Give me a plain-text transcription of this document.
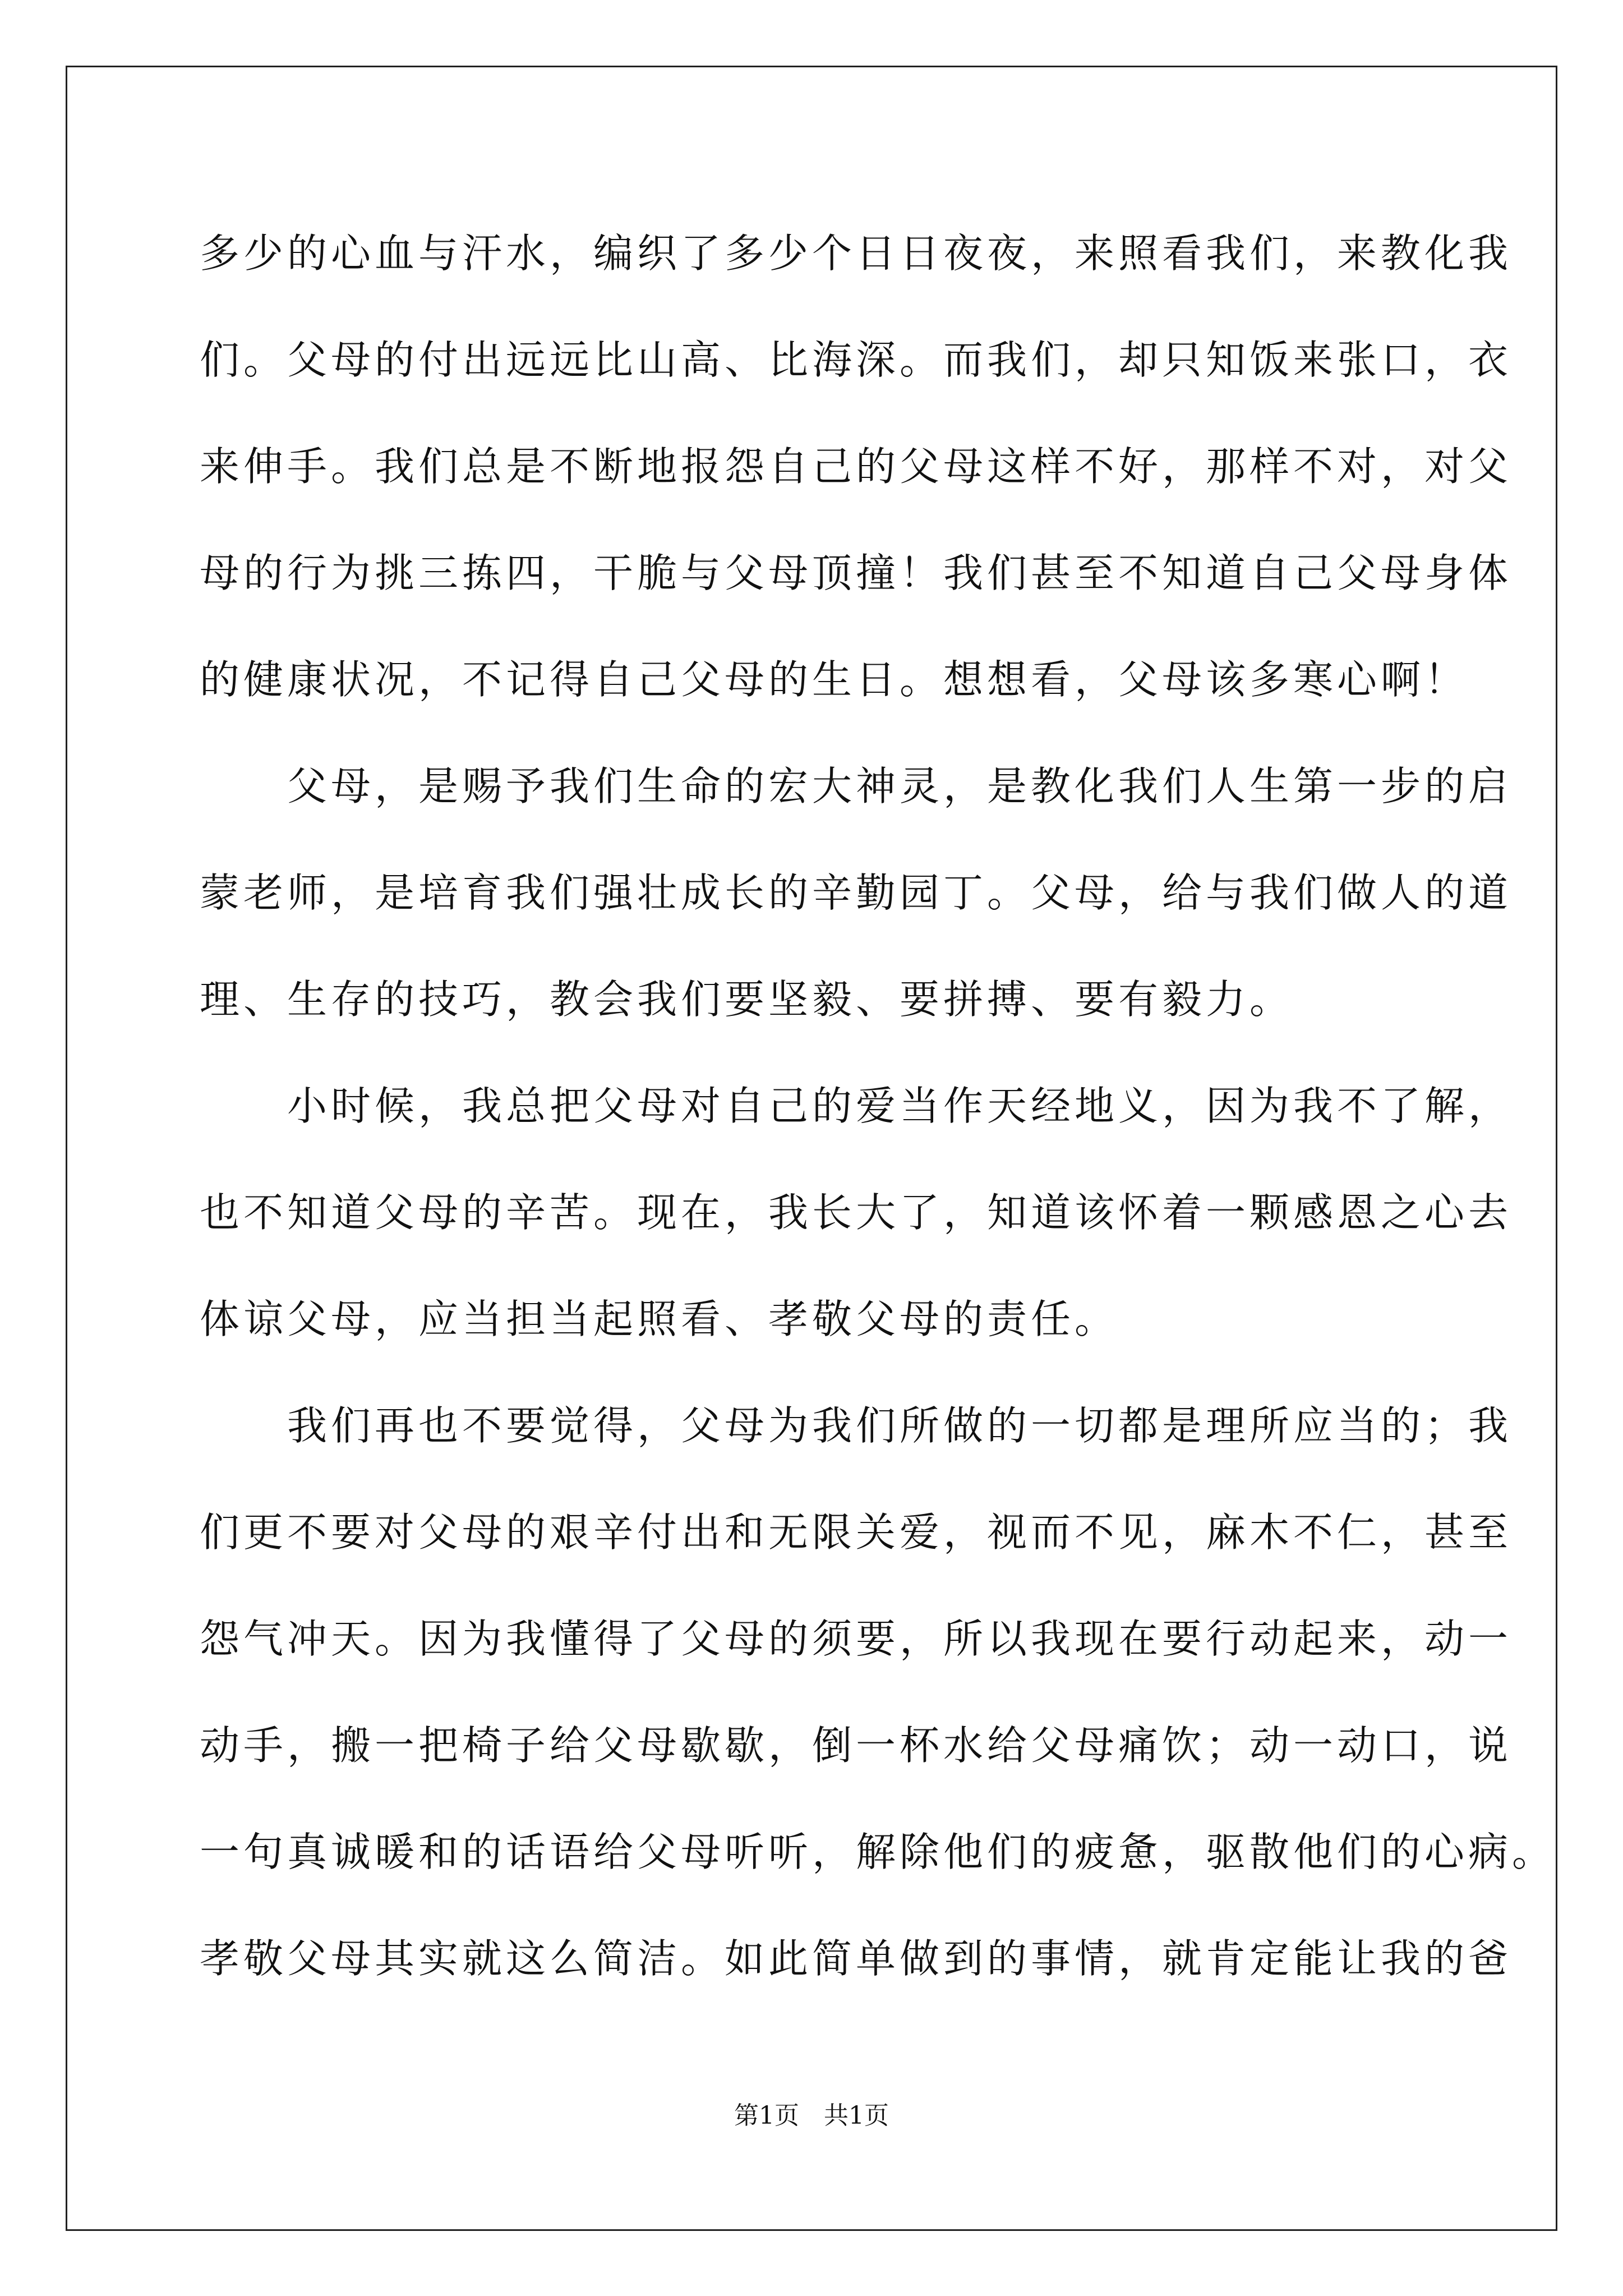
多少的心血与汗水，编织了多少个日日夜夜，来照看我们，来教化我
们。父母的付出远远比山高、比海深。而我们，却只知饭来张口，衣
来伸手。我们总是不断地报怨自己的父母这样不好，那样不对，对父
母的行为挑三拣四，干脆与父母顶撞！我们甚至不知道自己父母身体
的健康状况，不记得自己父母的生日。想想看，父母该多寒心啊！
　　父母，是赐予我们生命的宏大神灵，是教化我们人生第一步的启
蒙老师，是培育我们强壮成长的辛勤园丁。父母，给与我们做人的道
理、生存的技巧，教会我们要坚毅、要拼搏、要有毅力。
　　小时候，我总把父母对自己的爱当作天经地义，因为我不了解，
也不知道父母的辛苦。现在，我长大了，知道该怀着一颗感恩之心去
体谅父母，应当担当起照看、孝敬父母的责任。
　　我们再也不要觉得，父母为我们所做的一切都是理所应当的；我
们更不要对父母的艰辛付出和无限关爱，视而不见，麻木不仁，甚至
怨气冲天。因为我懂得了父母的须要，所以我现在要行动起来，动一
动手，搬一把椅子给父母歇歇，倒一杯水给父母痛饮；动一动口，说
一句真诚暖和的话语给父母听听，解除他们的疲惫，驱散他们的心病。
孝敬父母其实就这么简洁。如此简单做到的事情，就肯定能让我的爸
第1页　共1页
